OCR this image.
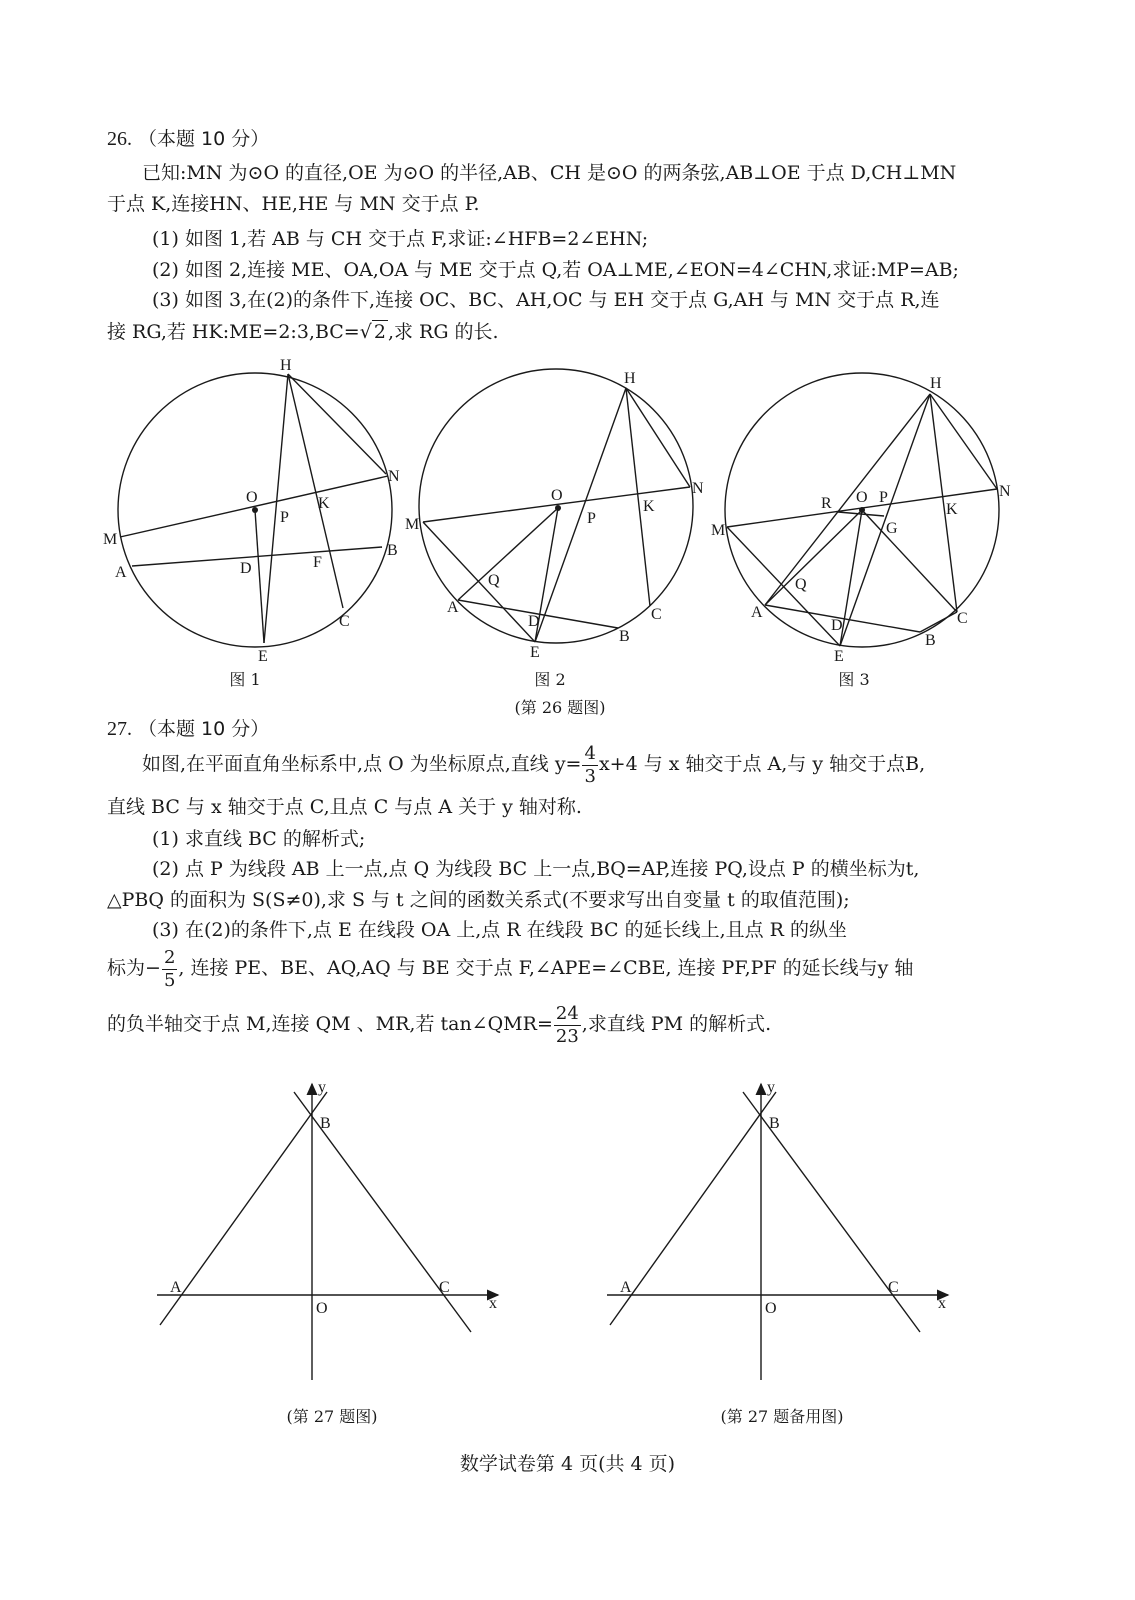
26. （本题 10 分）
已知:MN 为⊙O 的直径,OE 为⊙O 的半径,AB、CH 是⊙O 的两条弦,AB⊥OE 于点 D,CH⊥MN
于点 K,连接HN、HE,HE 与 MN 交于点 P.
(1) 如图 1,若 AB 与 CH 交于点 F,求证:∠HFB=2∠EHN;
(2) 如图 2,连接 ME、OA,OA 与 ME 交于点 Q,若 OA⊥ME,∠EON=4∠CHN,求证:MP=AB;
(3) 如图 3,在(2)的条件下,连接 OC、BC、AH,OC 与 EH 交于点 G,AH 与 MN 交于点 R,连
接 RG,若 HK:ME=2:3,BC=√ 2 ,求 RG 的长.
H
N
O
P
K
M
B
A	D	F
C
E
H
N
O
P
K
M
Q
A	C
D
B
E
H
N
R O P
G
K
M
Q
A	C
D
B
E
图 1	图 2	图 3
(第 26 题图)
27. （本题 10 分）
如图,在平面直角坐标系中,点 O 为坐标原点,直线 $y= \frac{4}{3} x+4$ 与 x 轴交于点 A,与 y 轴交于点B,
直线 BC 与 x 轴交于点 C,且点 C 与点 A 关于 y 轴对称.
(1) 求直线 BC 的解析式;
(2) 点 P 为线段 AB 上一点,点 Q 为线段 BC 上一点,BQ=AP,连接 PQ,设点 P 的横坐标为t,
△PBQ 的面积为 S(S≠0),求 S 与 t 之间的函数关系式(不要求写出自变量 t 的取值范围);
(3) 在(2)的条件下,点 E 在线段 OA 上,点 R 在线段 BC 的延长线上,且点 R 的纵坐
标为− $\frac{2}{5}$ , 连接 PE、BE、AQ,AQ 与 BE 交于点 F,∠APE=∠CBE, 连接 PF,PF 的延长线与y 轴
的负半轴交于点 M,连接 QM 、MR,若 tan∠QMR= $\frac{24}{23}$ ,求直线 PM 的解析式.
y
B
A	C
O	x
y
B
A	C
O	x
(第 27 题图)	(第 27 题备用图)
数学试卷第 4 页(共 4 页)
